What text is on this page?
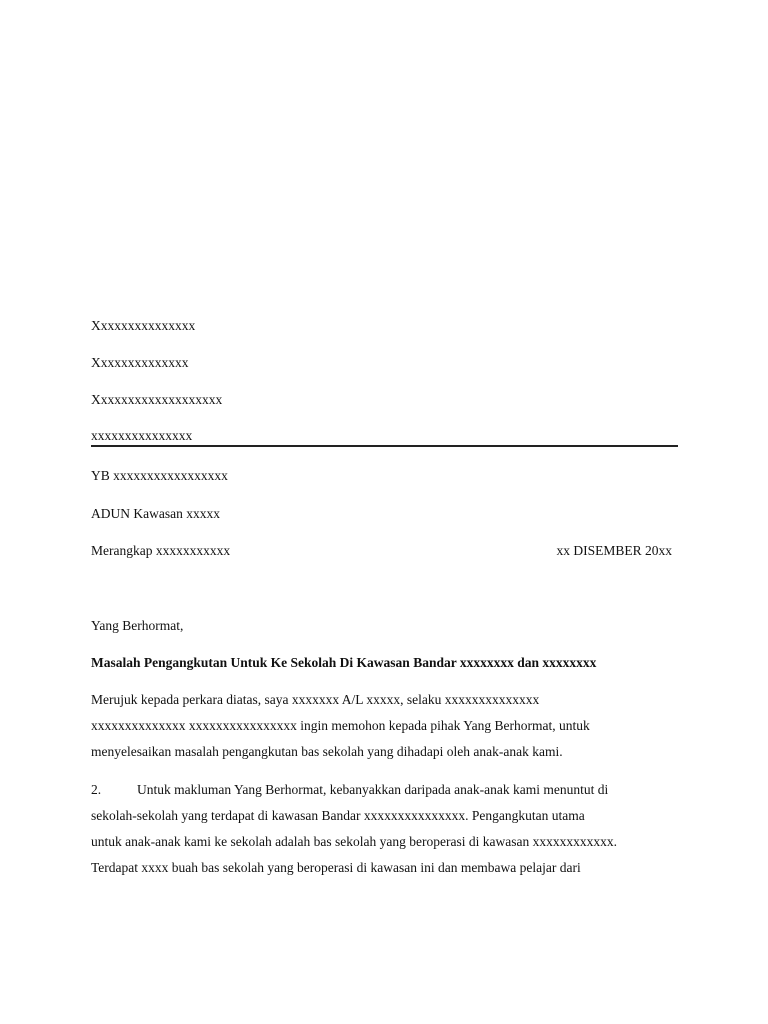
Xxxxxxxxxxxxxxx
Xxxxxxxxxxxxxx
Xxxxxxxxxxxxxxxxxxx
xxxxxxxxxxxxxxx
YB xxxxxxxxxxxxxxxxx
ADUN Kawasan xxxxx
Merangkap xxxxxxxxxxx	xx DISEMBER 20xx
Yang Berhormat,
Masalah Pengangkutan Untuk Ke Sekolah Di Kawasan Bandar xxxxxxxx dan xxxxxxxx
Merujuk kepada perkara diatas, saya xxxxxxx A/L xxxxx, selaku xxxxxxxxxxxxxx
xxxxxxxxxxxxxx xxxxxxxxxxxxxxxx ingin memohon kepada pihak Yang Berhormat, untuk
menyelesaikan masalah pengangkutan bas sekolah yang dihadapi oleh anak-anak kami.
2.	Untuk makluman Yang Berhormat, kebanyakkan daripada anak-anak kami menuntut di
sekolah-sekolah yang terdapat di kawasan Bandar xxxxxxxxxxxxxxx. Pengangkutan utama
untuk anak-anak kami ke sekolah adalah bas sekolah yang beroperasi di kawasan xxxxxxxxxxxx.
Terdapat xxxx buah bas sekolah yang beroperasi di kawasan ini dan membawa pelajar dari
